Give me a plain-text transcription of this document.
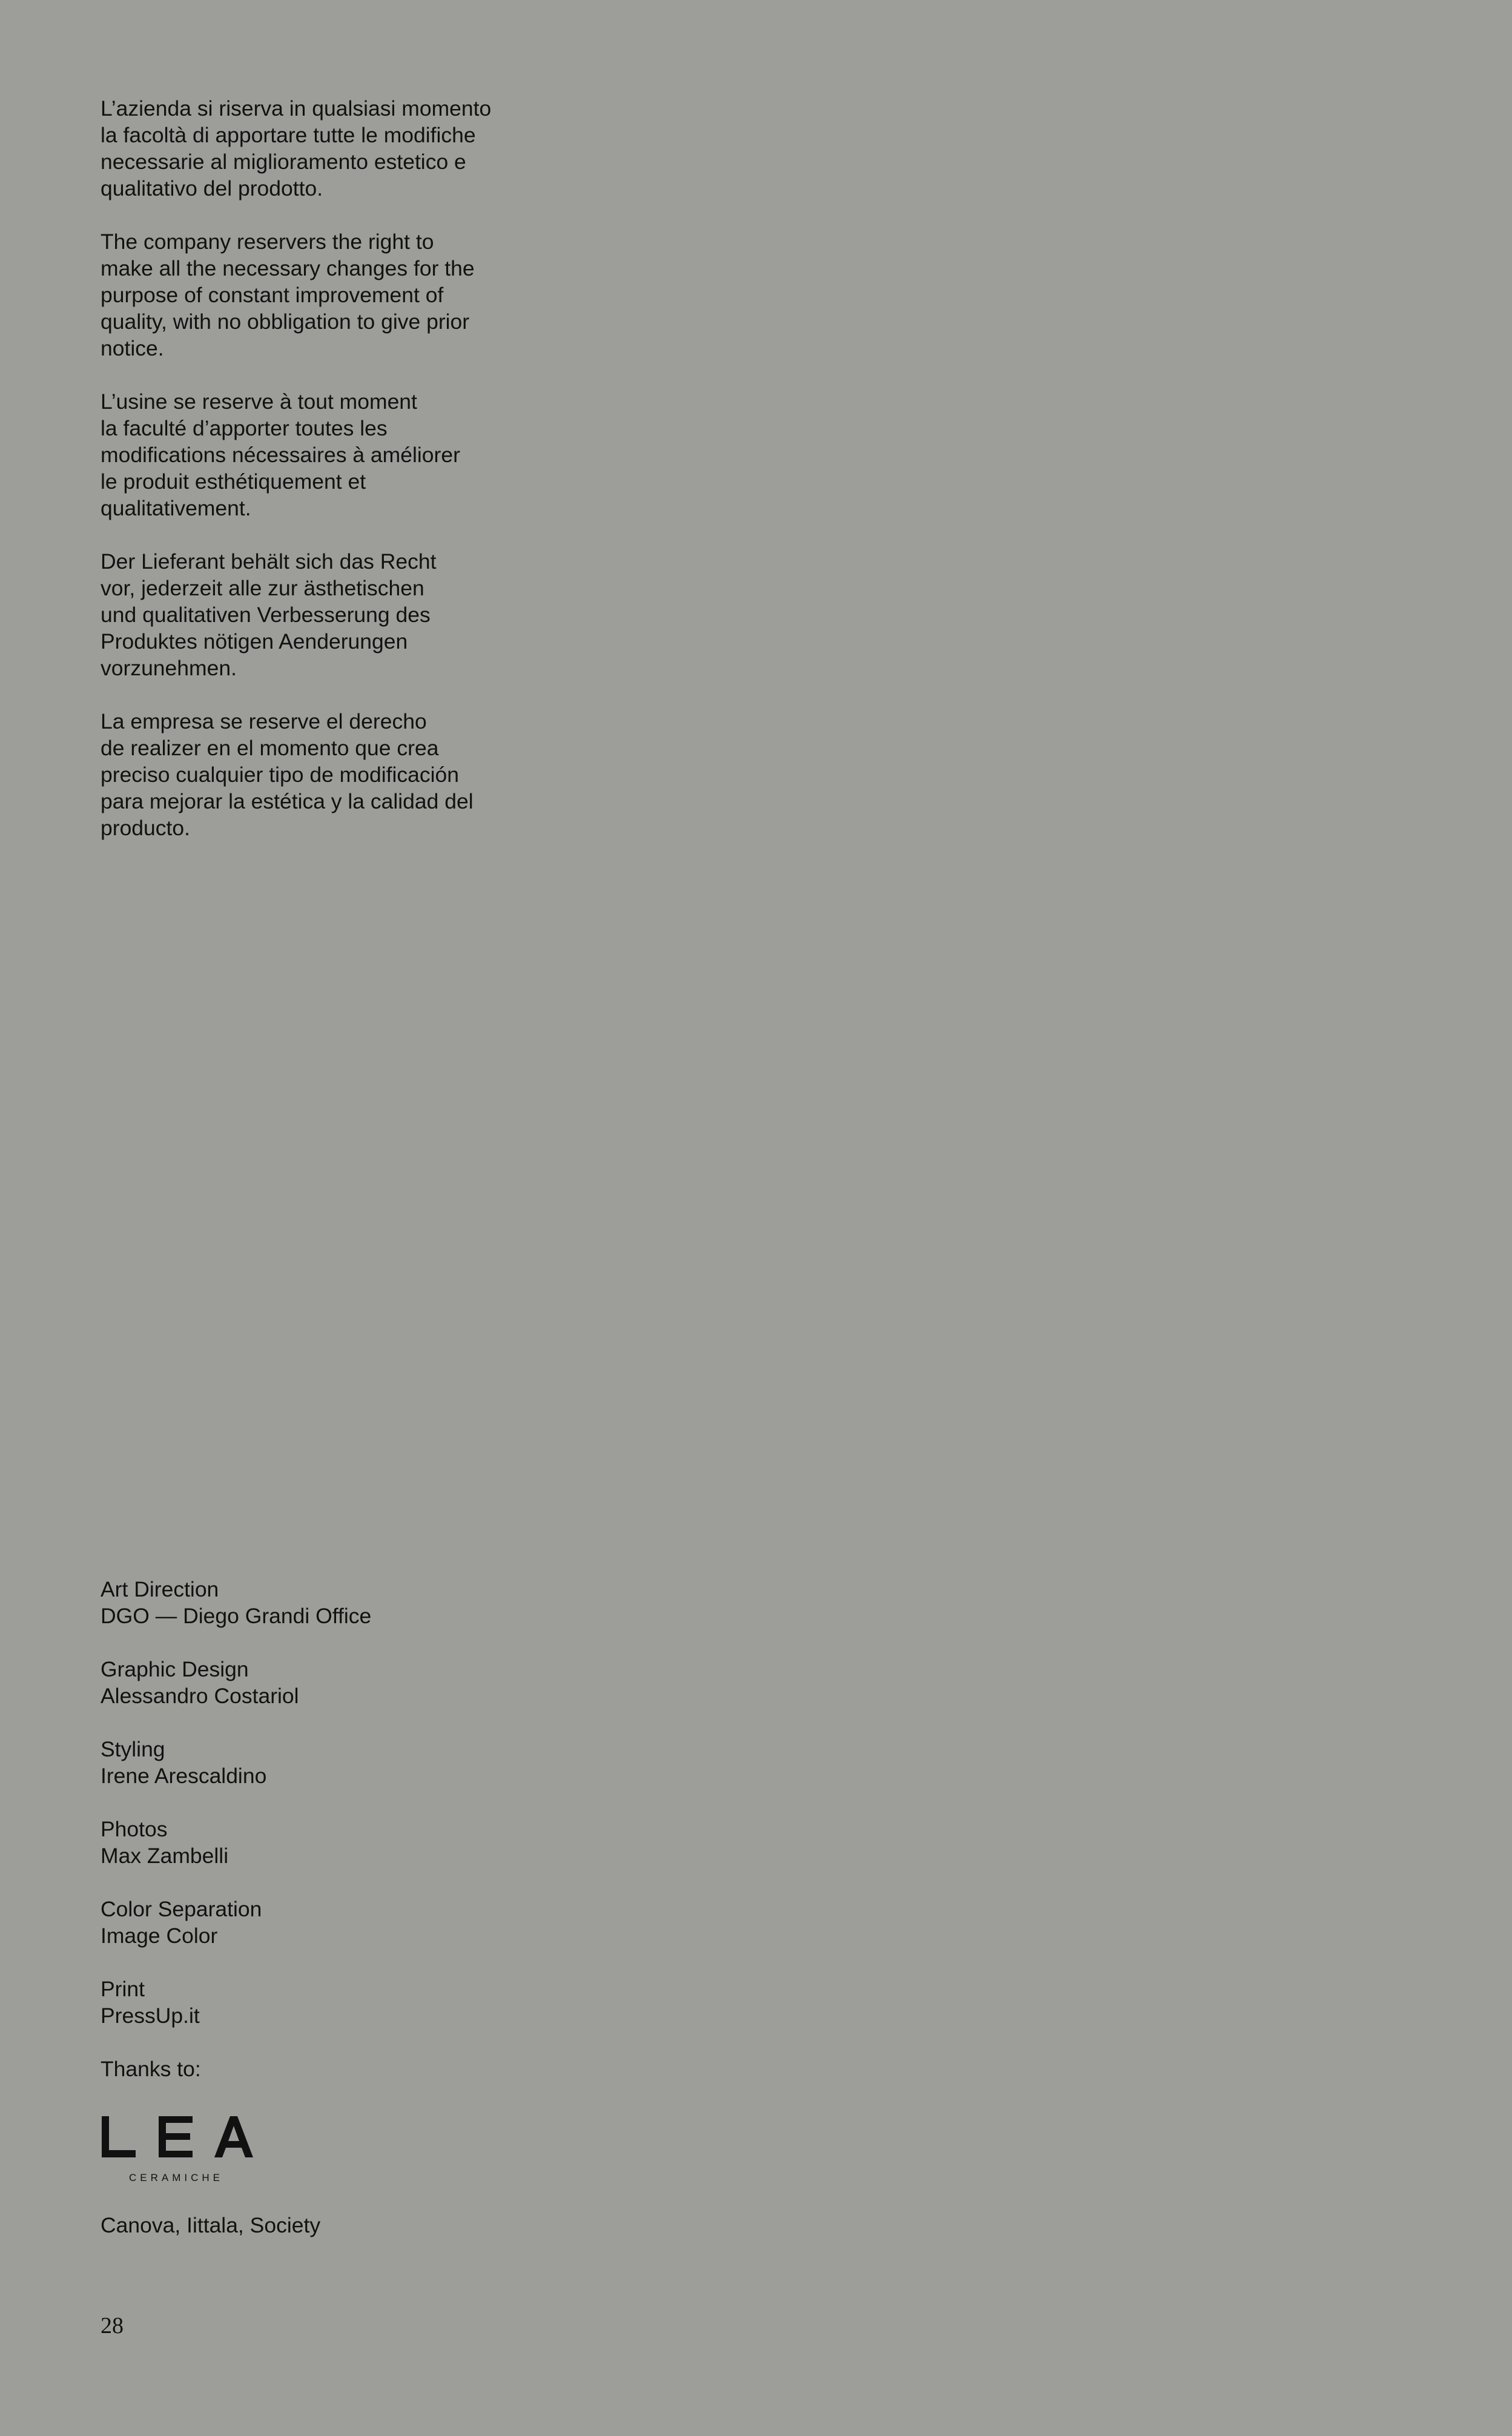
L’azienda si riserva in qualsiasi momento
la facoltà di apportare tutte le modifiche
necessarie al miglioramento estetico e
qualitativo del prodotto.

The company reservers the right to
make all the necessary changes for the
purpose of constant improvement of
quality, with no obbligation to give prior
notice.

L’usine se reserve à tout moment
la faculté d’apporter toutes les
modifications nécessaires à améliorer
le produit esthétiquement et
qualitativement.

Der Lieferant behält sich das Recht
vor, jederzeit alle zur ästhetischen
und qualitativen Verbesserung des
Produktes nötigen Aenderungen
vorzunehmen.

La empresa se reserve el derecho
de realizer en el momento que crea
preciso cualquier tipo de modificación
para mejorar la estética y la calidad del
producto.

Art Direction
DGO — Diego Grandi Office
Graphic Design
Alessandro Costariol
Styling
Irene Arescaldino
Photos
Max Zambelli
Color Separation
Image Color
Print
PressUp.it

Thanks to:

CERAMICHE
Canova, Iittala, Society
28
